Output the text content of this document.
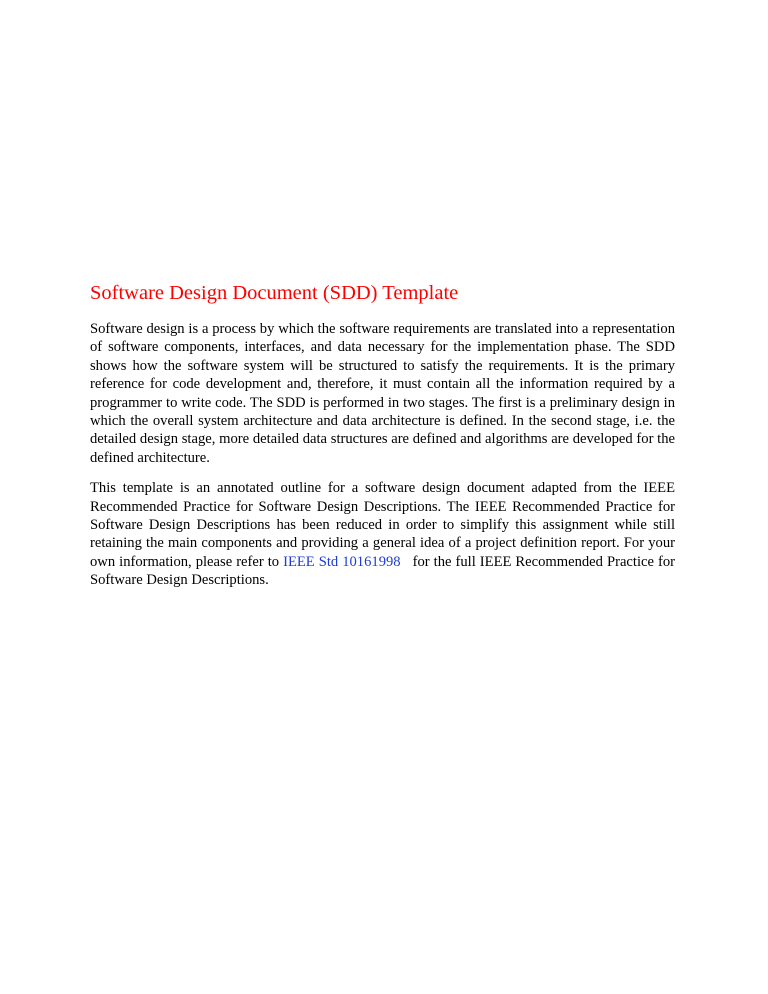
Software Design Document (SDD) Template

Software design is a process by which the software requirements are translated into a representation of software components, interfaces, and data necessary for the implementation phase. The SDD shows how the software system will be structured to satisfy the requirements. It is the primary reference for code development and, therefore, it must contain all the information required by a programmer to write code. The SDD is performed in two stages. The first is a preliminary design in which the overall system architecture and data architecture is defined. In the second stage, i.e. the detailed design stage, more detailed data structures are defined and algorithms are developed for the defined architecture.

This template is an annotated outline for a software design document adapted from the IEEE Recommended Practice for Software Design Descriptions. The IEEE Recommended Practice for Software Design Descriptions has been reduced in order to simplify this assignment while still retaining the main components and providing a general idea of a project definition report. For your own information, please refer to IEEE Std 10161998 for the full IEEE Recommended Practice for Software Design Descriptions.
